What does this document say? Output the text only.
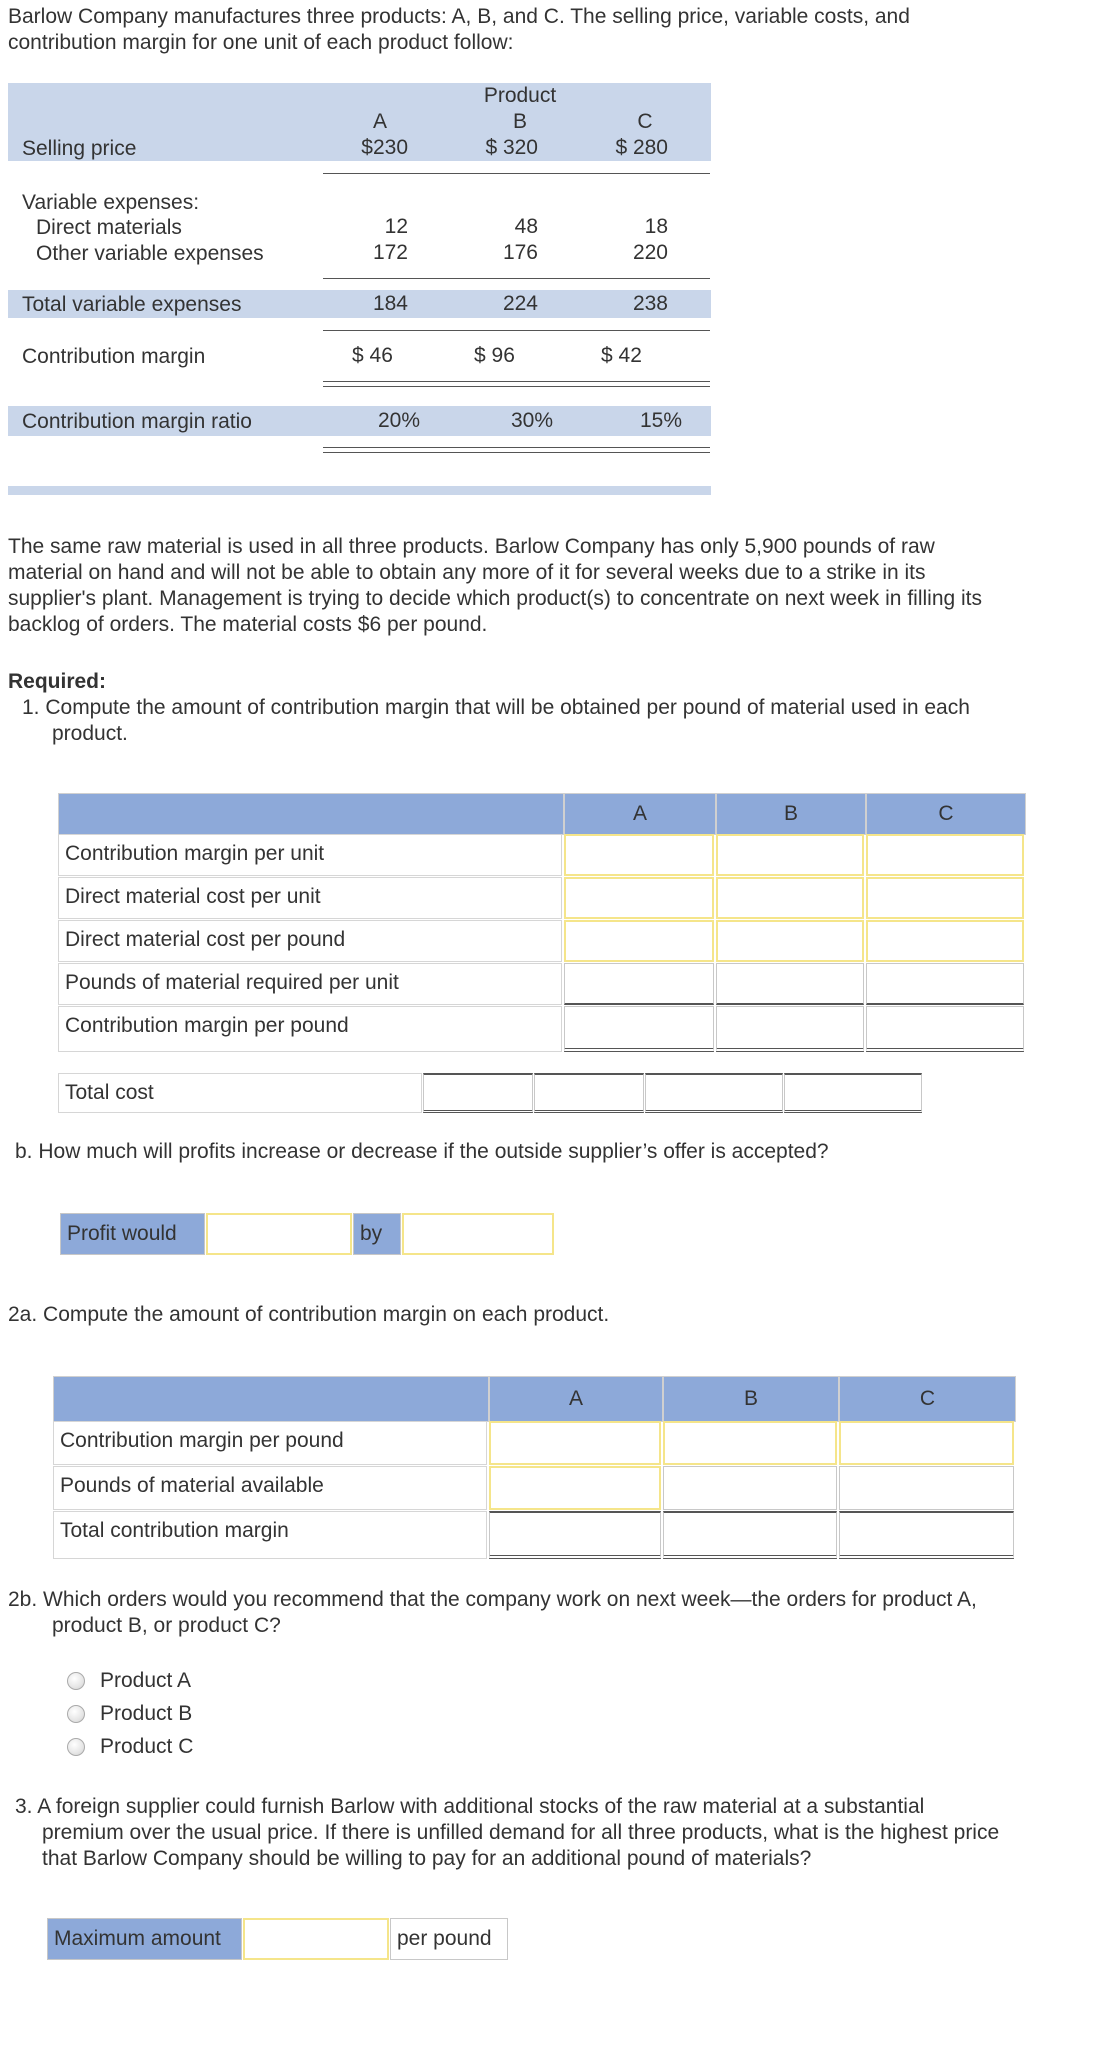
Barlow Company manufactures three products: A, B, and C. The selling price, variable costs, and
contribution margin for one unit of each product follow:
Product
A	B	C
Selling price	$230	$ 320	$ 280
Variable expenses:
Direct materials	12	48	18
Other variable expenses	172	176	220
Total variable expenses	184	224	238
Contribution margin	$ 46	$ 96	$ 42
Contribution margin ratio	20%	30%	15%
The same raw material is used in all three products. Barlow Company has only 5,900 pounds of raw
material on hand and will not be able to obtain any more of it for several weeks due to a strike in its
supplier's plant. Management is trying to decide which product(s) to concentrate on next week in filling its
backlog of orders. The material costs $6 per pound.
Required:
1. Compute the amount of contribution margin that will be obtained per pound of material used in each
product.
A	B	C
Contribution margin per unit
Direct material cost per unit
Direct material cost per pound
Pounds of material required per unit
Contribution margin per pound
Total cost
b. How much will profits increase or decrease if the outside supplier’s offer is accepted?
Profit would	by
2a. Compute the amount of contribution margin on each product.
A	B	C
Contribution margin per pound
Pounds of material available
Total contribution margin
2b. Which orders would you recommend that the company work on next week—the orders for product A,
product B, or product C?
Product A
Product B
Product C
3. A foreign supplier could furnish Barlow with additional stocks of the raw material at a substantial
premium over the usual price. If there is unfilled demand for all three products, what is the highest price
that Barlow Company should be willing to pay for an additional pound of materials?
Maximum amount	per pound
